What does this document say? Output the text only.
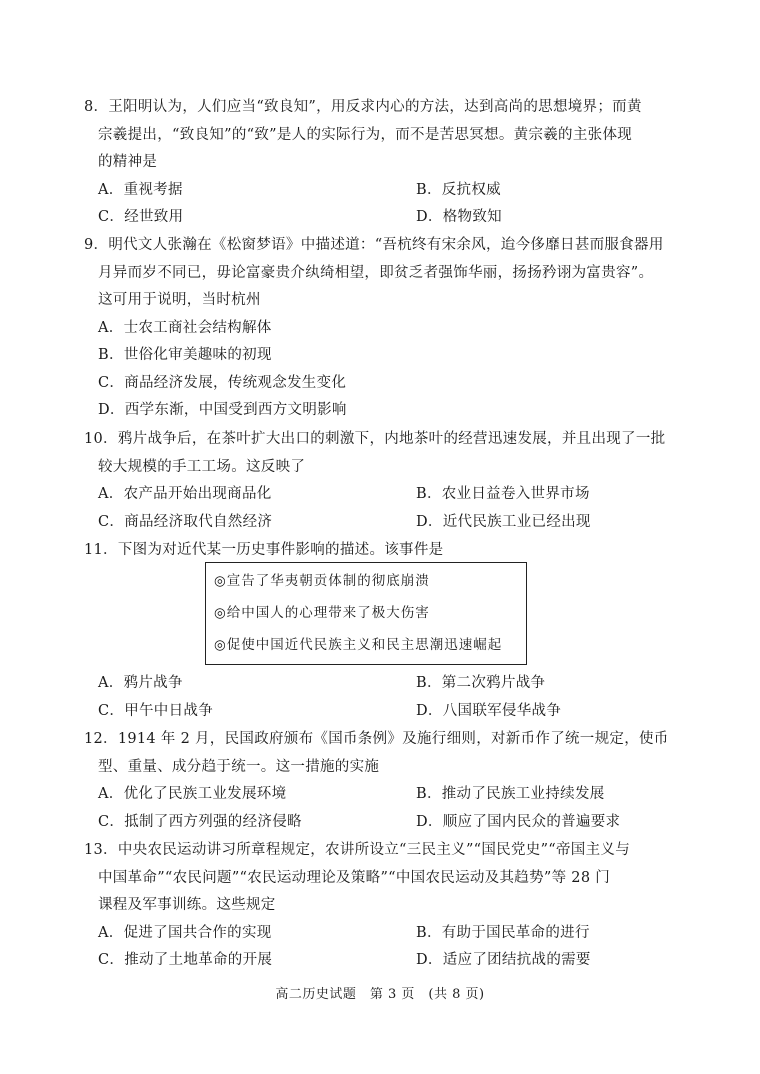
8．王阳明认为，人们应当“致良知”，用反求内心的方法，达到高尚的思想境界；而黄
宗羲提出，“致良知”的“致”是人的实际行为，而不是苦思冥想。黄宗羲的主张体现
的精神是
A．重视考据	B．反抗权威
C．经世致用	D．格物致知
9．明代文人张瀚在《松窗梦语》中描述道：“吾杭终有宋余风，迨今侈靡日甚而服食器用
月异而岁不同已，毋论富豪贵介纨绮相望，即贫乏者强饰华丽，扬扬矜诩为富贵容”。
这可用于说明，当时杭州
A．士农工商社会结构解体
B．世俗化审美趣味的初现
C．商品经济发展，传统观念发生变化
D．西学东渐，中国受到西方文明影响
10．鸦片战争后，在茶叶扩大出口的刺激下，内地茶叶的经营迅速发展，并且出现了一批
较大规模的手工工场。这反映了
A．农产品开始出现商品化	B．农业日益卷入世界市场
C．商品经济取代自然经济	D．近代民族工业已经出现
11．下图为对近代某一历史事件影响的描述。该事件是
◎宣告了华夷朝贡体制的彻底崩溃
◎给中国人的心理带来了极大伤害
◎促使中国近代民族主义和民主思潮迅速崛起
A．鸦片战争	B．第二次鸦片战争
C．甲午中日战争	D．八国联军侵华战争
12．1914 年 2 月，民国政府颁布《国币条例》及施行细则，对新币作了统一规定，使币
型、重量、成分趋于统一。这一措施的实施
A．优化了民族工业发展环境	B．推动了民族工业持续发展
C．抵制了西方列强的经济侵略	D．顺应了国内民众的普遍要求
13．中央农民运动讲习所章程规定，农讲所设立“三民主义”“国民党史”“帝国主义与
中国革命”“农民问题”“农民运动理论及策略”“中国农民运动及其趋势”等 28 门
课程及军事训练。这些规定
A．促进了国共合作的实现	B．有助于国民革命的进行
C．推动了土地革命的开展	D．适应了团结抗战的需要
高二历史试题　第 3 页　(共 8 页)
